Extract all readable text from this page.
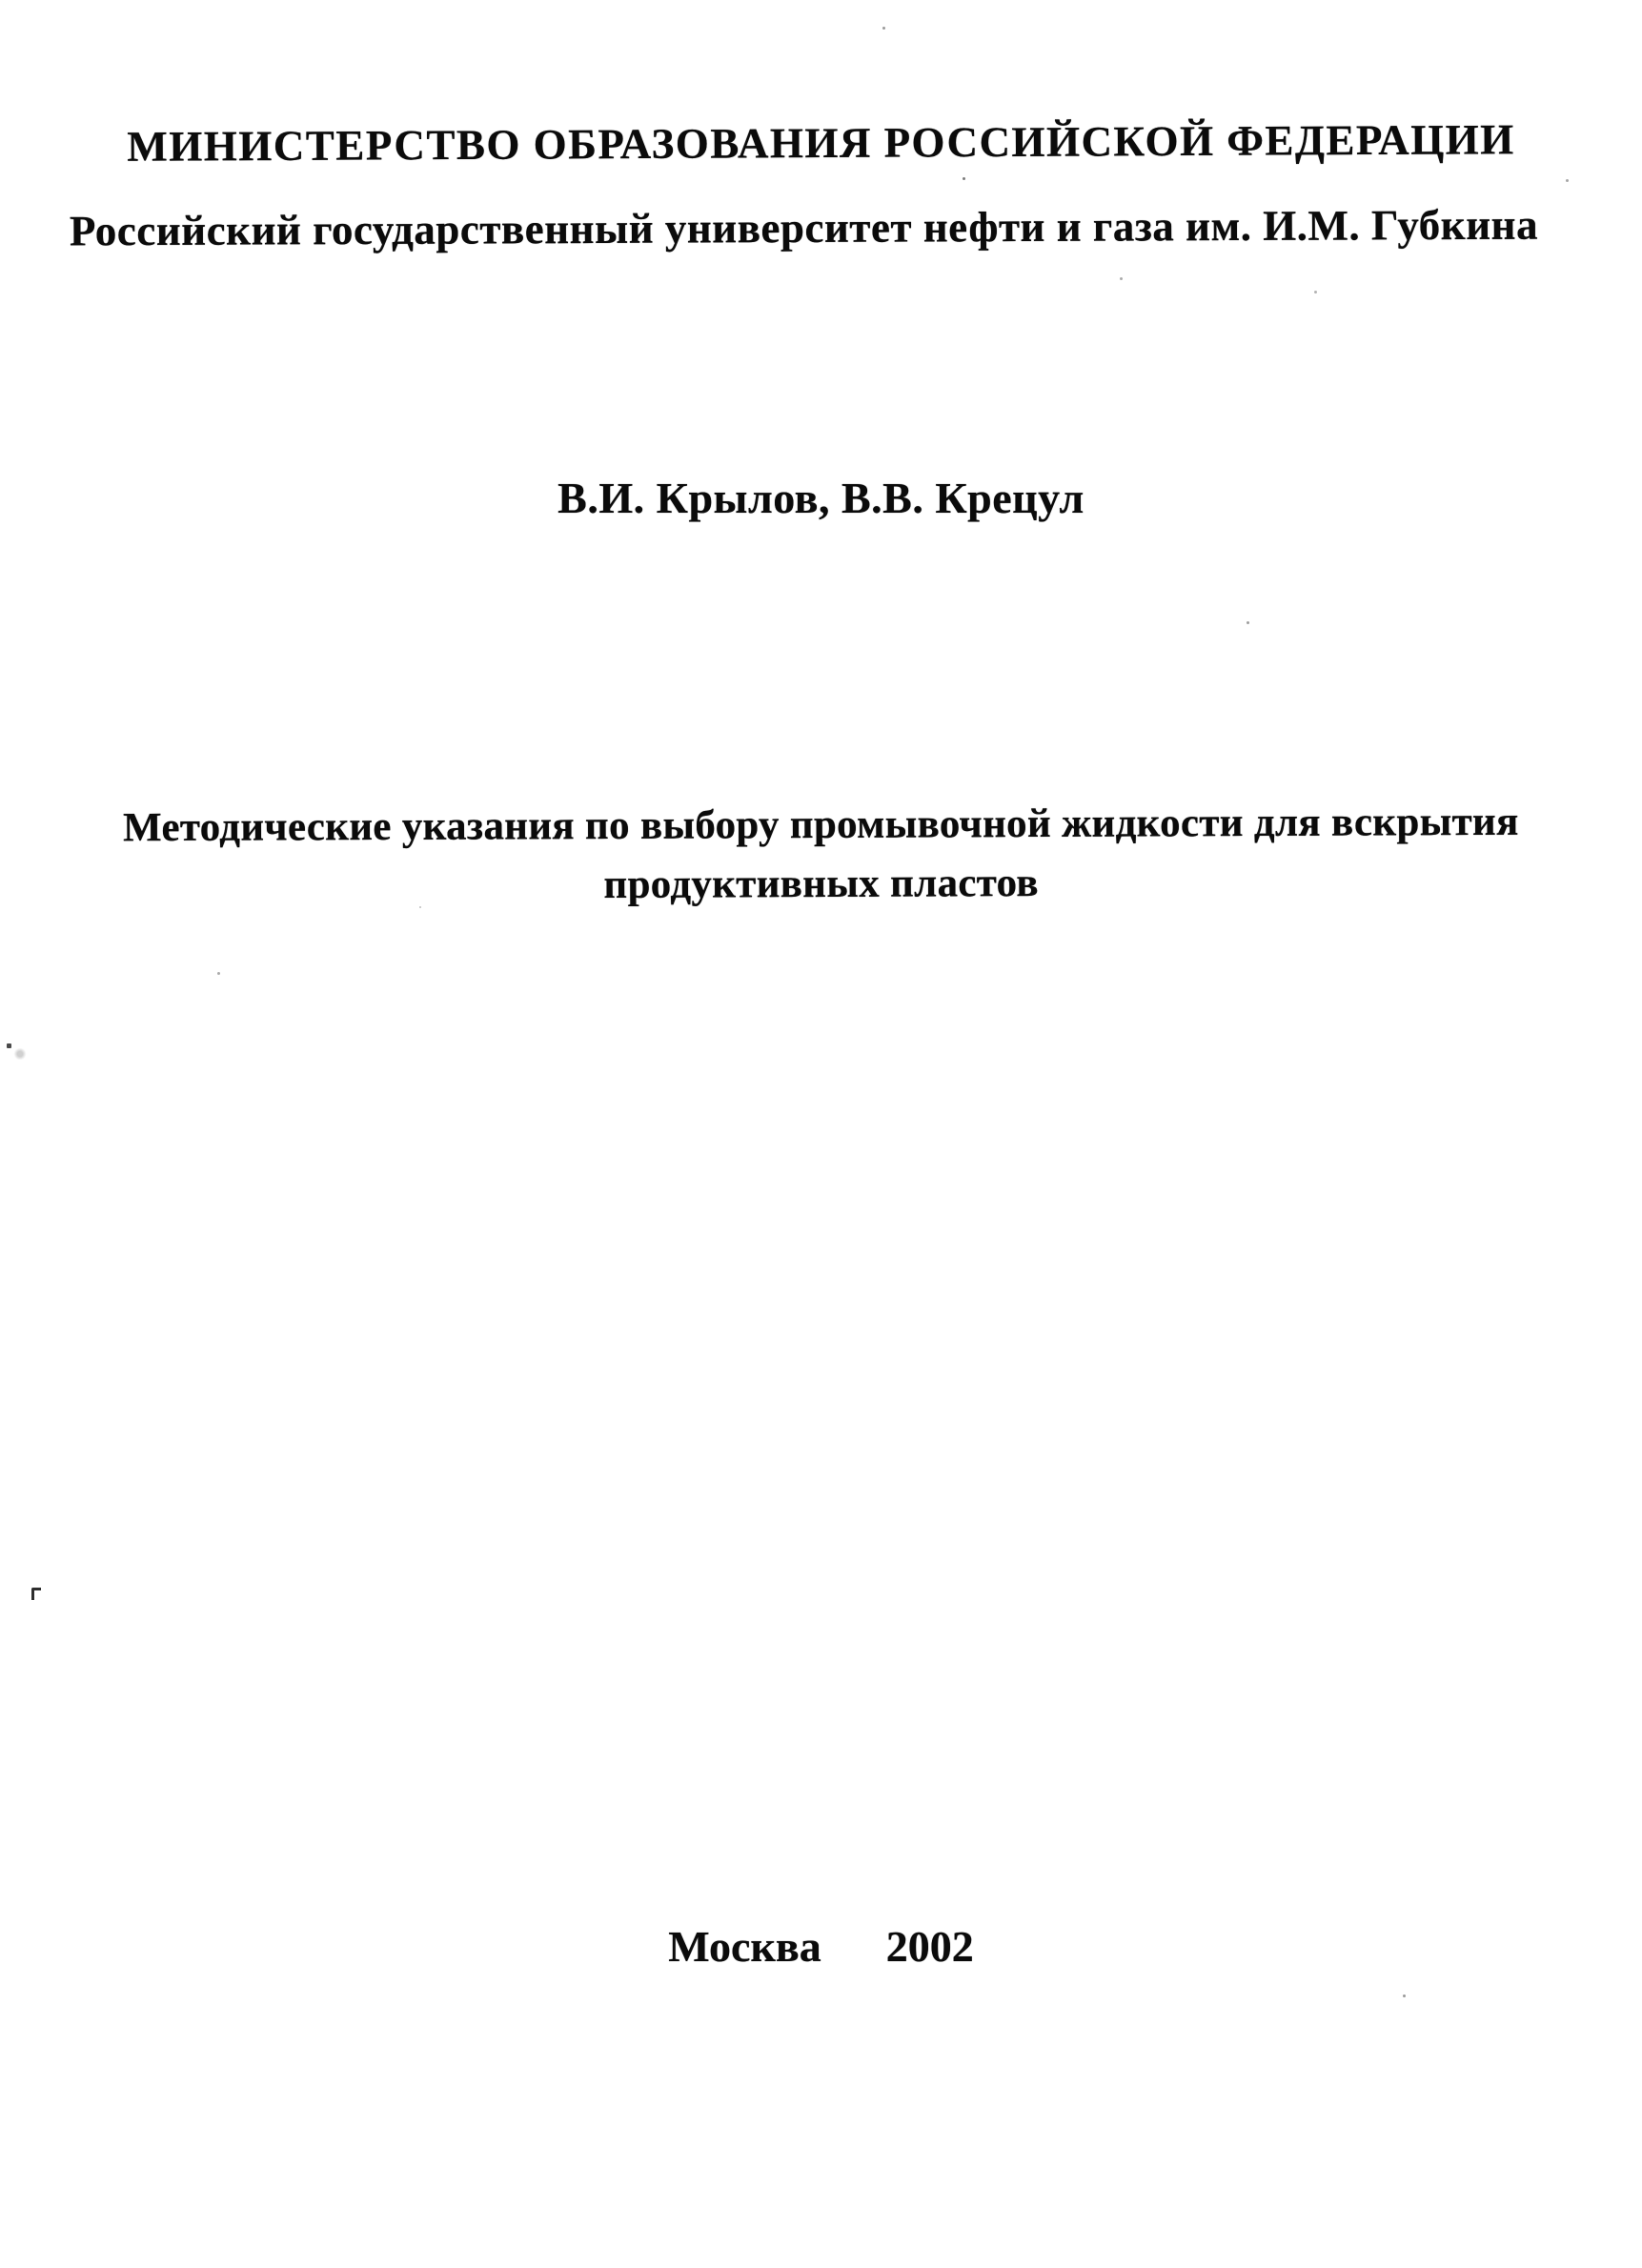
МИНИСТЕРСТВО ОБРАЗОВАНИЯ РОССИЙСКОЙ ФЕДЕРАЦИИ
Российский государственный университет нефти и газа им. И.М. Губкина
В.И. Крылов, В.В. Крецул
Методические указания по выбору промывочной жидкости для вскрытия
продуктивных пластов
Москва 2002
